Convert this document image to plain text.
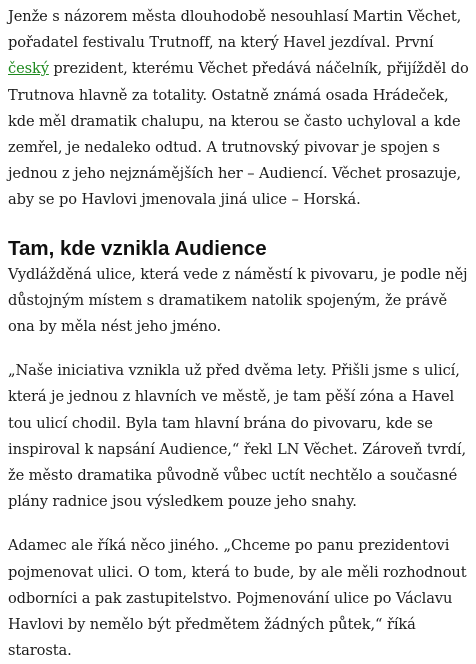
Jenže s názorem města dlouhodobě nesouhlasí Martin Věchet, pořadatel festivalu Trutnoff, na který Havel jezdíval. První český prezident, kterému Věchet předává náčelník, přijížděl do Trutnova hlavně za totality. Ostatně známá osada Hrádeček, kde měl dramatik chalupu, na kterou se často uchyloval a kde zemřel, je nedaleko odtud. A trutnovský pivovar je spojen s jednou z jeho nejznámějších her – Audiencí. Věchet prosazuje, aby se po Havlovi jmenovala jiná ulice – Horská.

Tam, kde vznikla Audience

Vydlážděná ulice, která vede z náměstí k pivovaru, je podle něj důstojným místem s dramatikem natolik spojeným, že právě ona by měla nést jeho jméno.

„Naše iniciativa vznikla už před dvěma lety. Přišli jsme s ulicí, která je jednou z hlavních ve městě, je tam pěší zóna a Havel tou ulicí chodil. Byla tam hlavní brána do pivovaru, kde se inspiroval k napsání Audience,“ řekl LN Věchet. Zároveň tvrdí, že město dramatika původně vůbec uctít nechtělo a současné plány radnice jsou výsledkem pouze jeho snahy.

Adamec ale říká něco jiného. „Chceme po panu prezidentovi pojmenovat ulici. O tom, která to bude, by ale měli rozhodnout odborníci a pak zastupitelstvo. Pojmenování ulice po Václavu Havlovi by nemělo být předmětem žádných půtek,“ říká starosta.
